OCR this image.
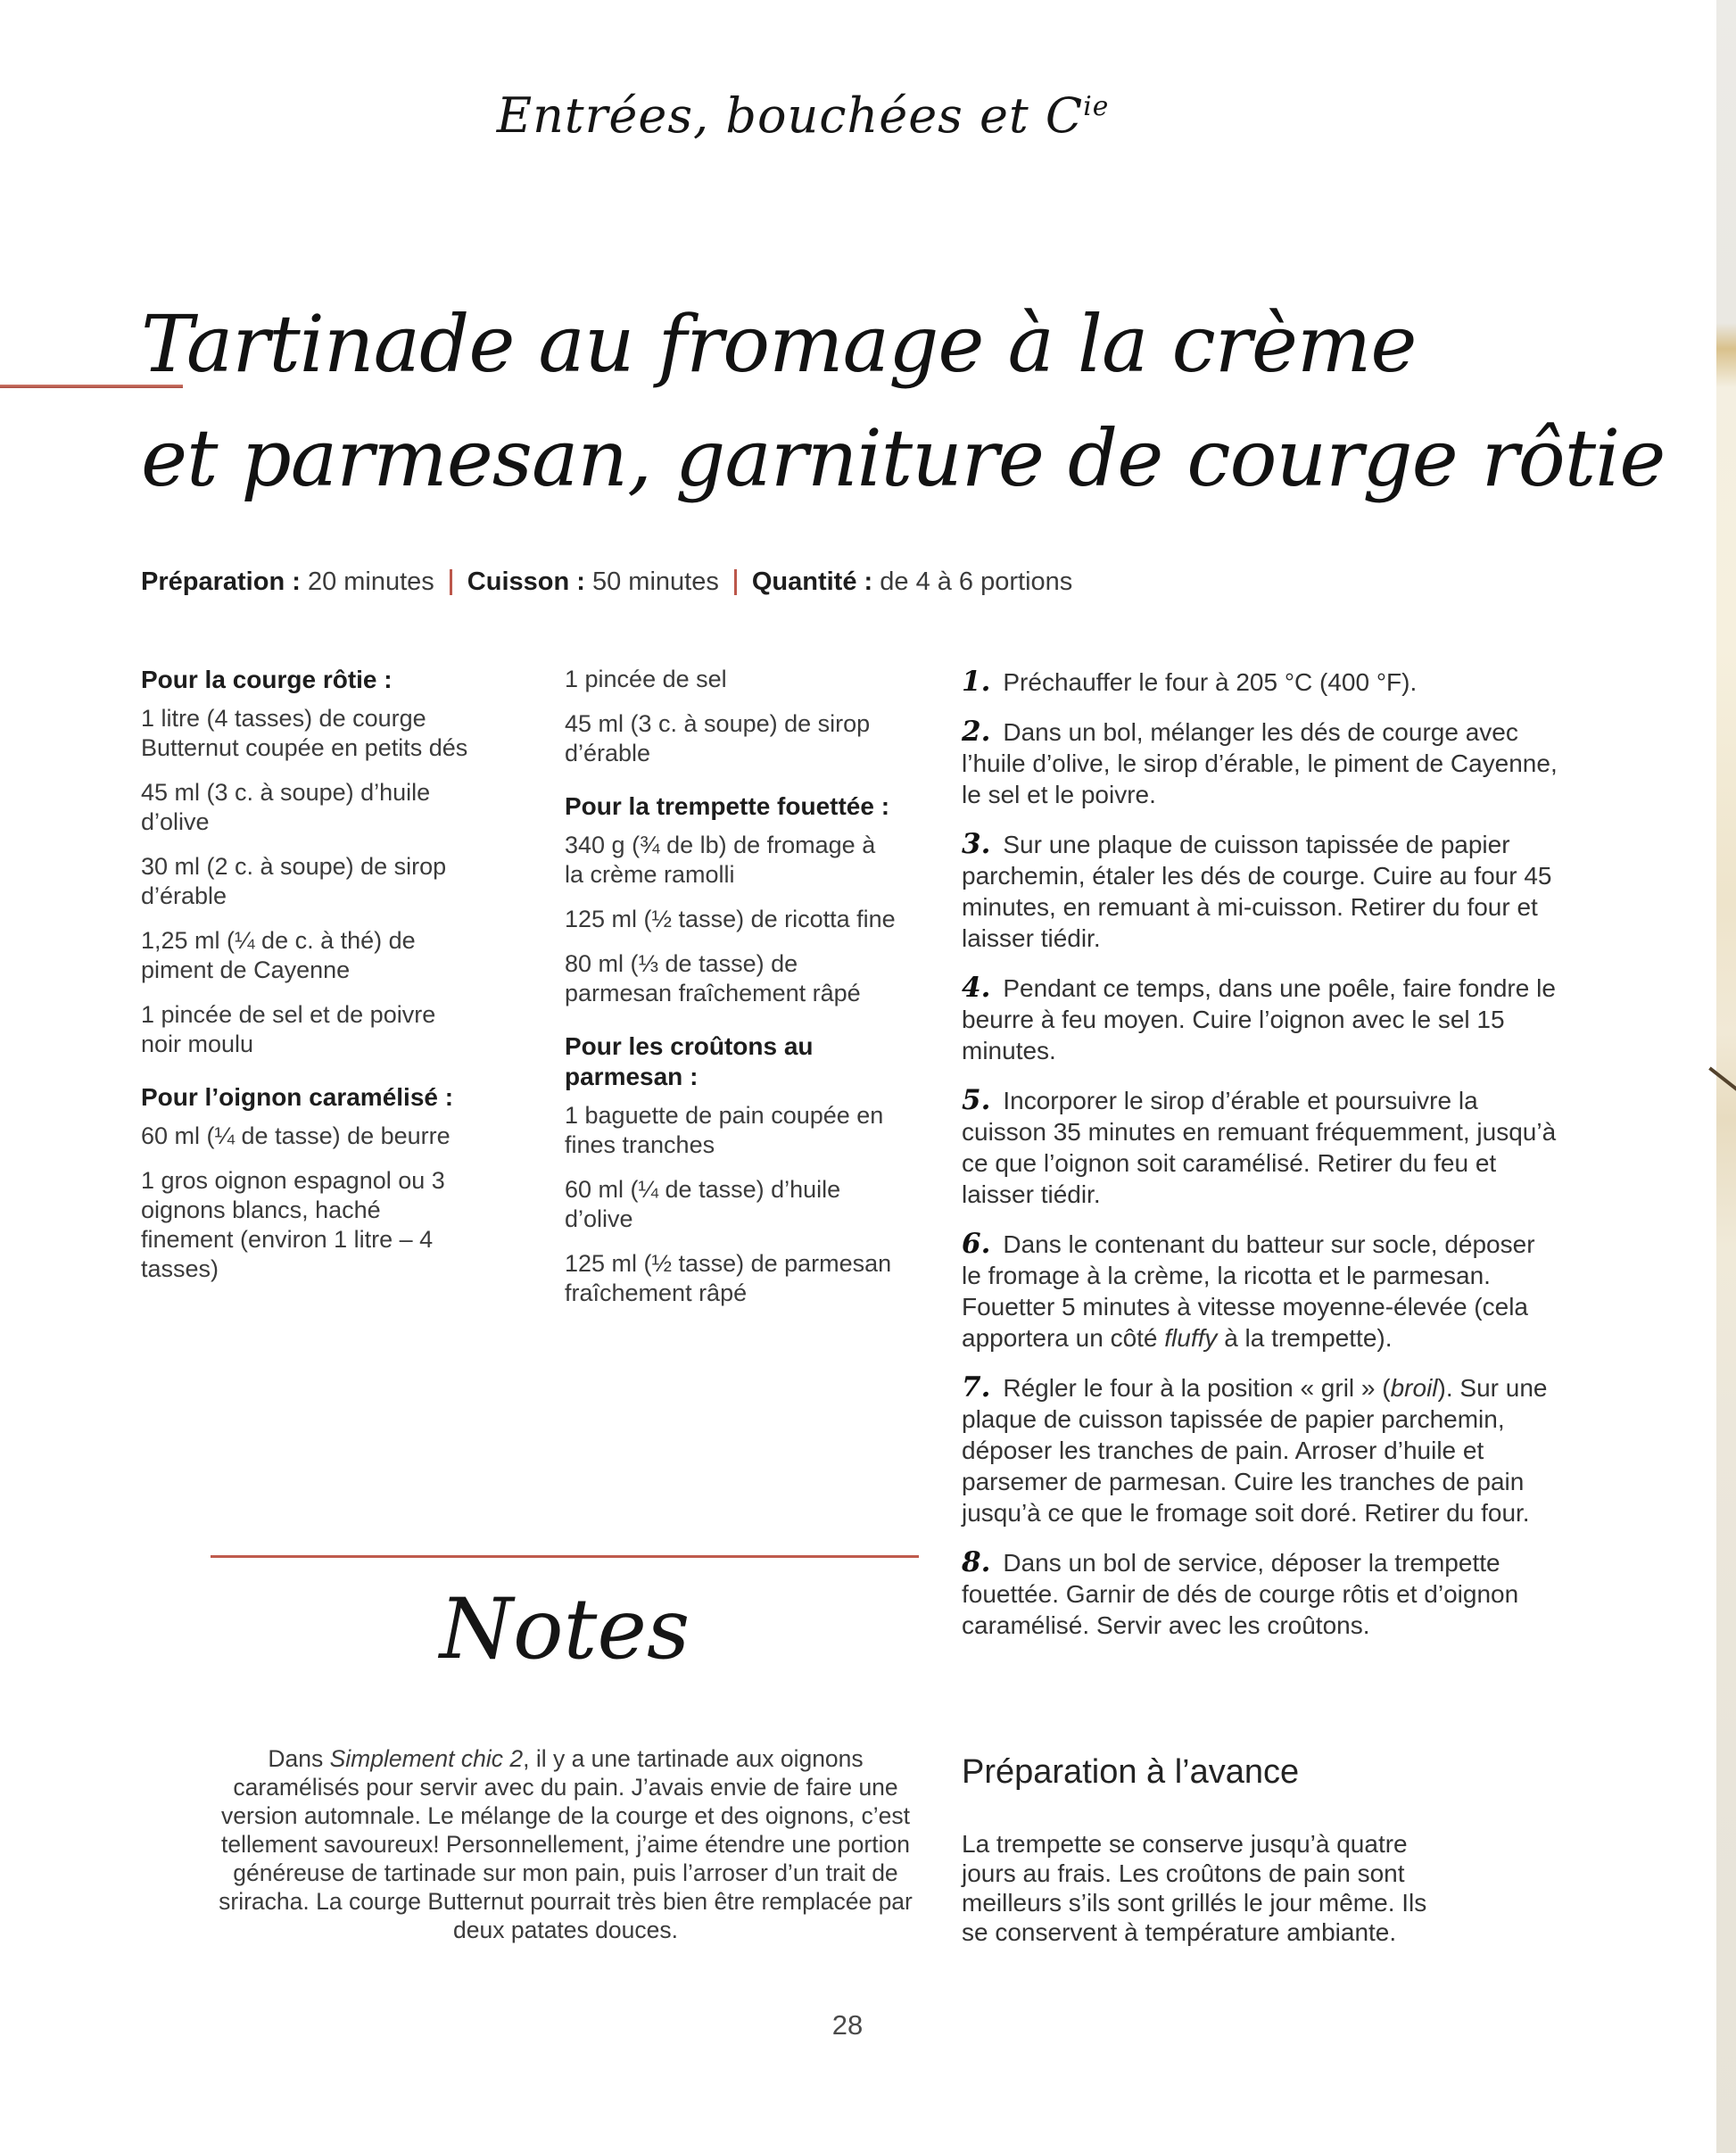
Entrées, bouchées et $C^{ie}$
Tartinade au fromage à la crème
et parmesan, garniture de courge rôtie
Préparation :
20 minutes Cuisson :
50 minutes Quantité :
de 4 à 6 portions

Pour la courge rôtie :

1 litre (4 tasses) de courge Butternut coupée en petits dés

45 ml (3 c. à soupe) d’huile d’olive

30 ml (2 c. à soupe) de sirop d’érable

1,25 ml (¼ de c. à thé) de piment de Cayenne

1 pincée de sel et de poivre noir moulu

Pour l’oignon caramélisé :

60 ml (¼ de tasse) de beurre

1 gros oignon espagnol ou 3 oignons blancs, haché finement (environ 1 litre – 4 tasses)

1 pincée de sel

45 ml (3 c. à soupe) de sirop d’érable

Pour la trempette fouettée :

340 g (¾ de lb) de fromage à la crème ramolli

125 ml (½ tasse) de ricotta fine

80 ml (⅓ de tasse) de parmesan fraîchement râpé

Pour les croûtons au parmesan :

1 baguette de pain coupée en fines tranches

60 ml (¼ de tasse) d’huile d’olive

125 ml (½ tasse) de parmesan fraîchement râpé

1. Préchauffer le four à 205 °C (400 °F).

2. Dans un bol, mélanger les dés de courge avec l’huile d’olive, le sirop d’érable, le piment de Cayenne, le sel et le poivre.

3. Sur une plaque de cuisson tapissée de papier parchemin, étaler les dés de courge. Cuire au four 45 minutes, en remuant à mi-cuisson. Retirer du four et laisser tiédir.

4. Pendant ce temps, dans une poêle, faire fondre le beurre à feu moyen. Cuire l’oignon avec le sel 15 minutes.

5. Incorporer le sirop d’érable et poursuivre la cuisson 35 minutes en remuant fréquemment, jusqu’à ce que l’oignon soit caramélisé. Retirer du feu et laisser tiédir.

6. Dans le contenant du batteur sur socle, déposer le fromage à la crème, la ricotta et le parmesan. Fouetter 5 minutes à vitesse moyenne-élevée (cela apportera un côté fluffy à la trempette).

7. Régler le four à la position « gril » (broil). Sur une plaque de cuisson tapissée de papier parchemin, déposer les tranches de pain. Arroser d’huile et parsemer de parmesan. Cuire les tranches de pain jusqu’à ce que le fromage soit doré. Retirer du four.

8. Dans un bol de service, déposer la trempette fouettée. Garnir de dés de courge rôtis et d’oignon caramélisé. Servir avec les croûtons.

Notes

Dans Simplement chic 2, il y a une tartinade aux oignons caramélisés pour servir avec du pain. J’avais envie de faire une version automnale. Le mélange de la courge et des oignons, c’est tellement savoureux! Personnellement, j’aime étendre une portion généreuse de tartinade sur mon pain, puis l’arroser d’un trait de sriracha. La courge Butternut pourrait très bien être remplacée par deux patates douces.

Préparation à l’avance

La trempette se conserve jusqu’à quatre jours au frais. Les croûtons de pain sont meilleurs s’ils sont grillés le jour même. Ils se conservent à température ambiante.

28
